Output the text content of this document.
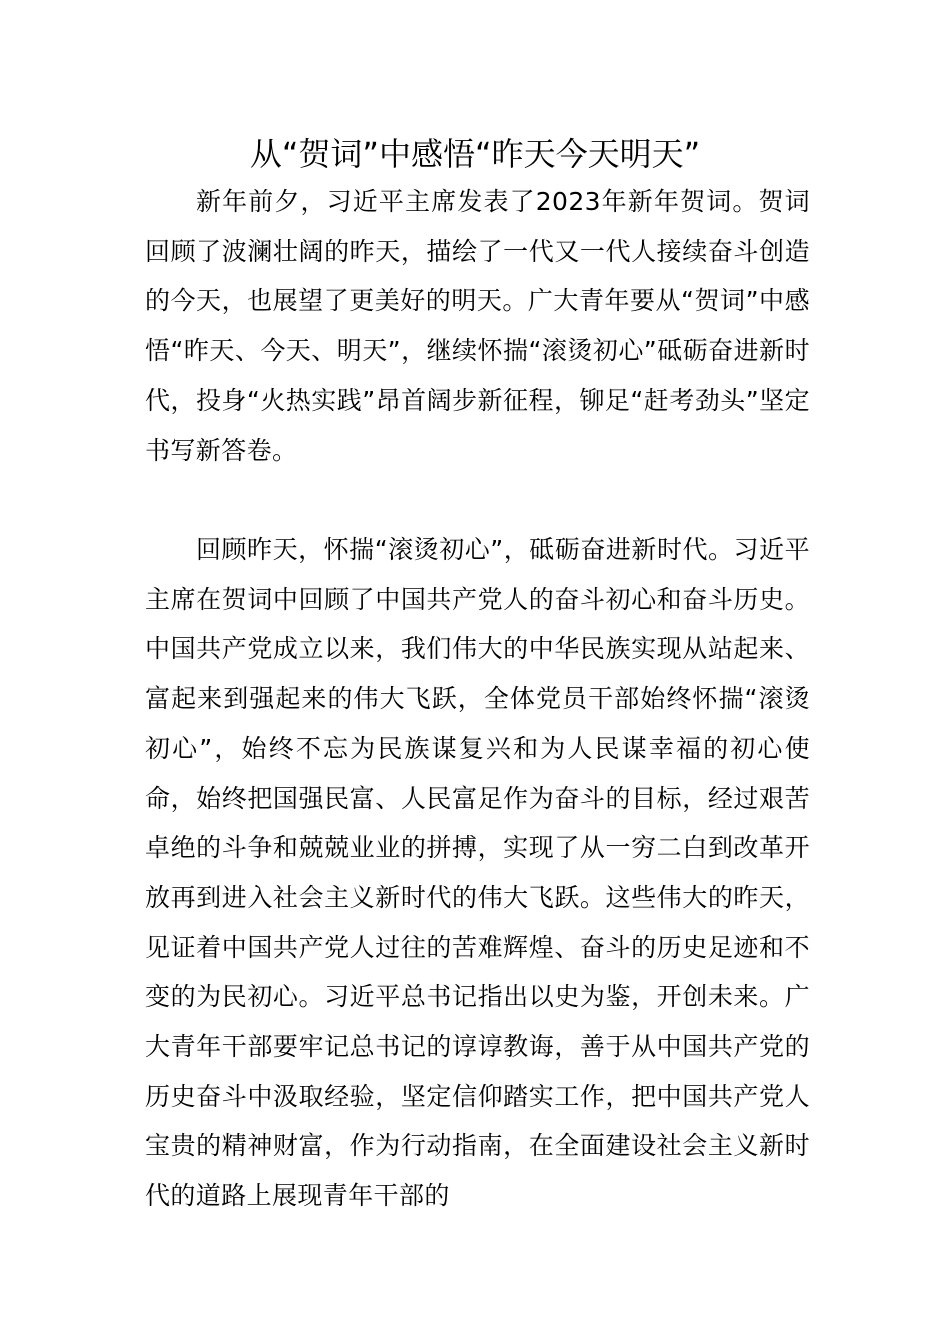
从“贺词”中感悟“昨天今天明天”

新年前夕，习近平主席发表了2023年新年贺词。贺词回顾了波澜壮阔的昨天，描绘了一代又一代人接续奋斗创造的今天，也展望了更美好的明天。广大青年要从“贺词”中感悟“昨天、今天、明天”，继续怀揣“滚烫初心”砥砺奋进新时代，投身“火热实践”昂首阔步新征程，铆足“赶考劲头”坚定书写新答卷。

回顾昨天，怀揣“滚烫初心”，砥砺奋进新时代。习近平主席在贺词中回顾了中国共产党人的奋斗初心和奋斗历史。中国共产党成立以来，我们伟大的中华民族实现从站起来、富起来到强起来的伟大飞跃，全体党员干部始终怀揣“滚烫初心”，始终不忘为民族谋复兴和为人民谋幸福的初心使命，始终把国强民富、人民富足作为奋斗的目标，经过艰苦卓绝的斗争和兢兢业业的拼搏，实现了从一穷二白到改革开放再到进入社会主义新时代的伟大飞跃。这些伟大的昨天，见证着中国共产党人过往的苦难辉煌、奋斗的历史足迹和不变的为民初心。习近平总书记指出以史为鉴，开创未来。广大青年干部要牢记总书记的谆谆教诲，善于从中国共产党的历史奋斗中汲取经验，坚定信仰踏实工作，把中国共产党人宝贵的精神财富，作为行动指南，在全面建设社会主义新时代的道路上展现青年干部的
